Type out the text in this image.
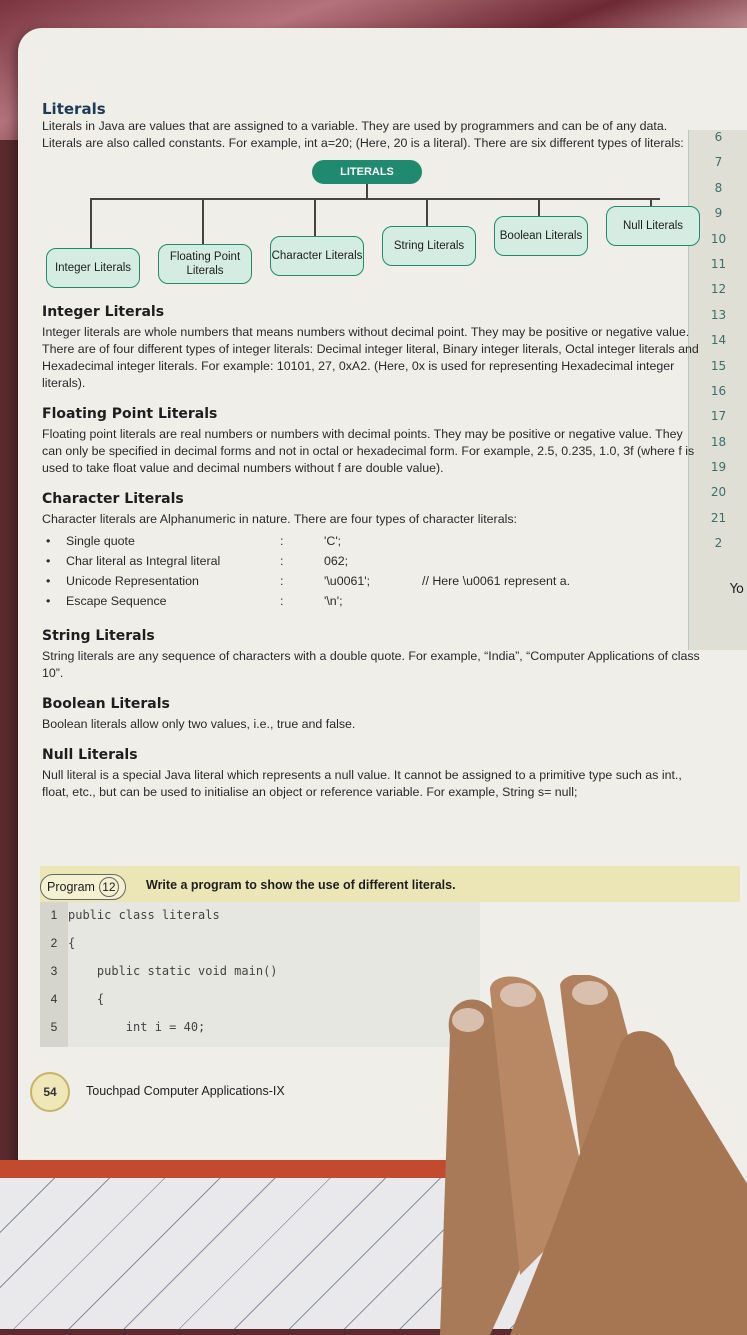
6
7
8
9
10
11
12
13
14
15
16
17
18
19
20
21
2
Yo
Literals

Literals in Java are values that are assigned to a variable. They are used by programmers and can be of any data. Literals are also called constants. For example, int a=20; (Here, 20 is a literal). There are six different types of literals:

LITERALS
Integer Literals
Floating Point Literals
Character Literals
String Literals
Boolean Literals
Null Literals
Integer Literals

Integer literals are whole numbers that means numbers without decimal point. They may be positive or negative value. There are of four different types of integer literals: Decimal integer literal, Binary integer literals, Octal integer literals and Hexadecimal integer literals. For example: 10101, 27, 0xA2. (Here, 0x is used for representing Hexadecimal integer literals).

Floating Point Literals

Floating point literals are real numbers or numbers with decimal points. They may be positive or negative value. They can only be specified in decimal forms and not in octal or hexadecimal form. For example, 2.5, 0.235, 1.0, 3f (where f is used to take float value and decimal numbers without f are double value).

Character Literals

Character literals are Alphanumeric in nature. There are four types of character literals:

• Single quote	:	'C';
• Char literal as Integral literal	:	062;
• Unicode Representation	:	'\u0061';	// Here \u0061 represent a.
• Escape Sequence	:	'\n';
String Literals

String literals are any sequence of characters with a double quote. For example, “India”, “Computer Applications of class 10”.

Boolean Literals

Boolean literals allow only two values, i.e., true and false.

Null Literals

Null literal is a special Java literal which represents a null value. It cannot be assigned to a primitive type such as int., float, etc., but can be used to initialise an object or reference variable. For example, String s= null;

Program 12	Write a program to show the use of different literals.
1 public class literals
2 {
3    public static void main()
4    {
5        int i = 40;
54	Touchpad Computer Applications-IX
